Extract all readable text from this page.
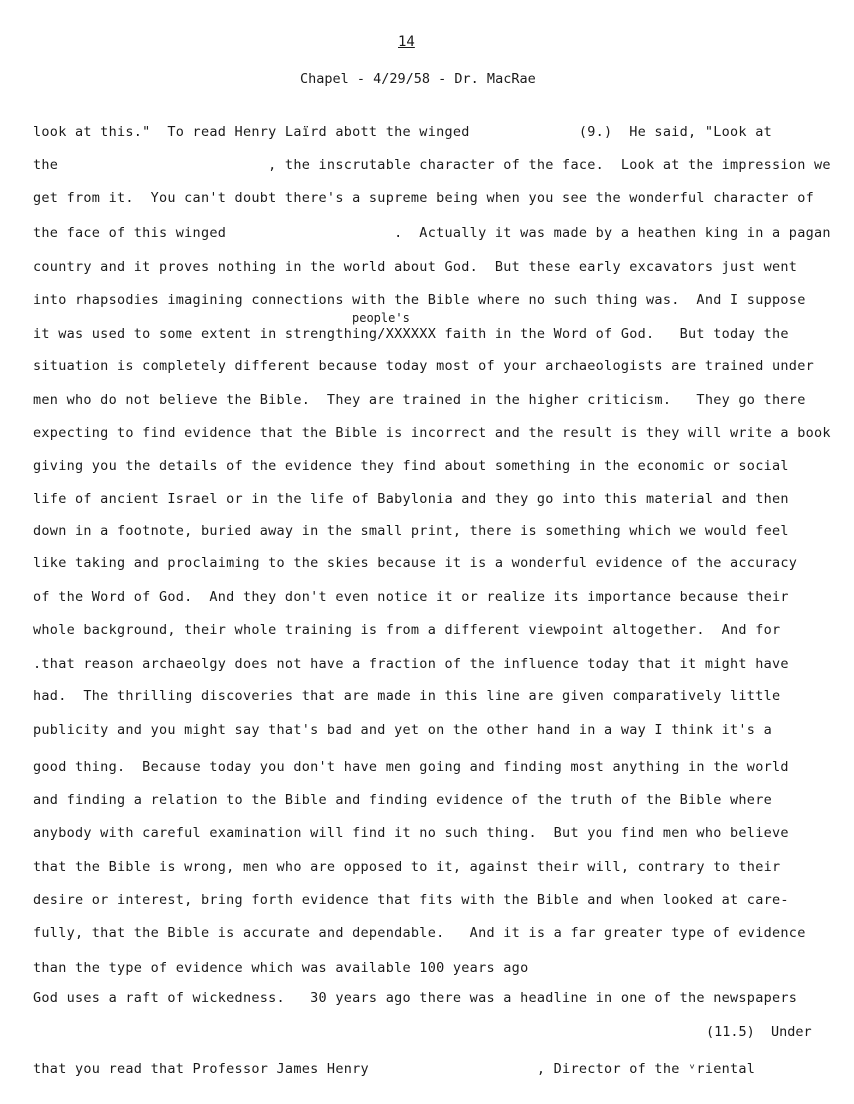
14
Chapel - 4/29/58 - Dr. MacRae
look at this."  To read Henry Laïrd abott the winged             (9.)  He said, "Look at
the                         , the inscrutable character of the face.  Look at the impression we
get from it.  You can't doubt there's a supreme being when you see the wonderful character of
the face of this winged                    .  Actually it was made by a heathen king in a pagan
country and it proves nothing in the world about God.  But these early excavators just went
into rhapsodies imagining connections with the Bible where no such thing was.  And I suppose
people's
it was used to some extent in strengthing/XXXXXX faith in the Word of God.   But today the
situation is completely different because today most of your archaeologists are trained under
men who do not believe the Bible.  They are trained in the higher criticism.   They go there
expecting to find evidence that the Bible is incorrect and the result is they will write a book
giving you the details of the evidence they find about something in the economic or social
life of ancient Israel or in the life of Babylonia and they go into this material and then
down in a footnote, buried away in the small print, there is something which we would feel
like taking and proclaiming to the skies because it is a wonderful evidence of the accuracy
of the Word of God.  And they don't even notice it or realize its importance because their
whole background, their whole training is from a different viewpoint altogether.  And for
.that reason archaeolgy does not have a fraction of the influence today that it might have
had.  The thrilling discoveries that are made in this line are given comparatively little
publicity and you might say that's bad and yet on the other hand in a way I think it's a
good thing.  Because today you don't have men going and finding most anything in the world
and finding a relation to the Bible and finding evidence of the truth of the Bible where
anybody with careful examination will find it no such thing.  But you find men who believe
that the Bible is wrong, men who are opposed to it, against their will, contrary to their
desire or interest, bring forth evidence that fits with the Bible and when looked at care-
fully, that the Bible is accurate and dependable.   And it is a far greater type of evidence
than the type of evidence which was available 100 years ago
God uses a raft of wickedness.   30 years ago there was a headline in one of the newspapers
(11.5)  Under
that you read that Professor James Henry                    , Director of the ᵛriental
